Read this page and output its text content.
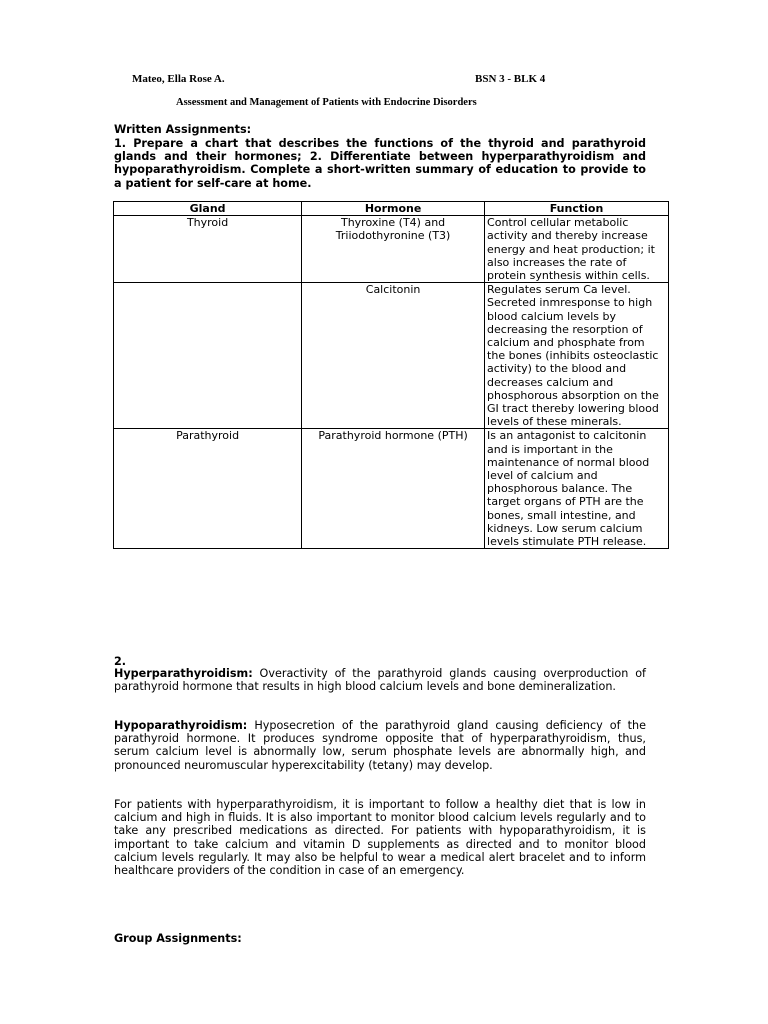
Mateo, Ella Rose A.	BSN 3 - BLK 4
Assessment and Management of Patients with Endocrine Disorders
Written Assignments:
1. Prepare a chart that describes the functions of the thyroid and parathyroid glands and their hormones; 2. Differentiate between hyperparathyroidism and hypoparathyroidism. Complete a short-written summary of education to provide to a patient for self-care at home.
Gland	Hormone	Function
Thyroid	Thyroxine (T4) and Triiodothyronine (T3)	Control cellular metabolic activity and thereby increase energy and heat production; it also increases the rate of protein synthesis within cells.
	Calcitonin	Regulates serum Ca level. Secreted inmresponse to high blood calcium levels by decreasing the resorption of calcium and phosphate from the bones (inhibits osteoclastic activity) to the blood and decreases calcium and phosphorous absorption on the GI tract thereby lowering blood levels of these minerals.
Parathyroid	Parathyroid hormone (PTH)	Is an antagonist to calcitonin and is important in the maintenance of normal blood level of calcium and phosphorous balance. The target organs of PTH are the bones, small intestine, and kidneys. Low serum calcium levels stimulate PTH release.
2.
Hyperparathyroidism: Overactivity of the parathyroid glands causing overproduction of parathyroid hormone that results in high blood calcium levels and bone demineralization.
Hypoparathyroidism: Hyposecretion of the parathyroid gland causing deficiency of the parathyroid hormone. It produces syndrome opposite that of hyperparathyroidism, thus, serum calcium level is abnormally low, serum phosphate levels are abnormally high, and pronounced neuromuscular hyperexcitability (tetany) may develop.
For patients with hyperparathyroidism, it is important to follow a healthy diet that is low in calcium and high in fluids. It is also important to monitor blood calcium levels regularly and to take any prescribed medications as directed. For patients with hypoparathyroidism, it is important to take calcium and vitamin D supplements as directed and to monitor blood calcium levels regularly. It may also be helpful to wear a medical alert bracelet and to inform healthcare providers of the condition in case of an emergency.
Group Assignments:
